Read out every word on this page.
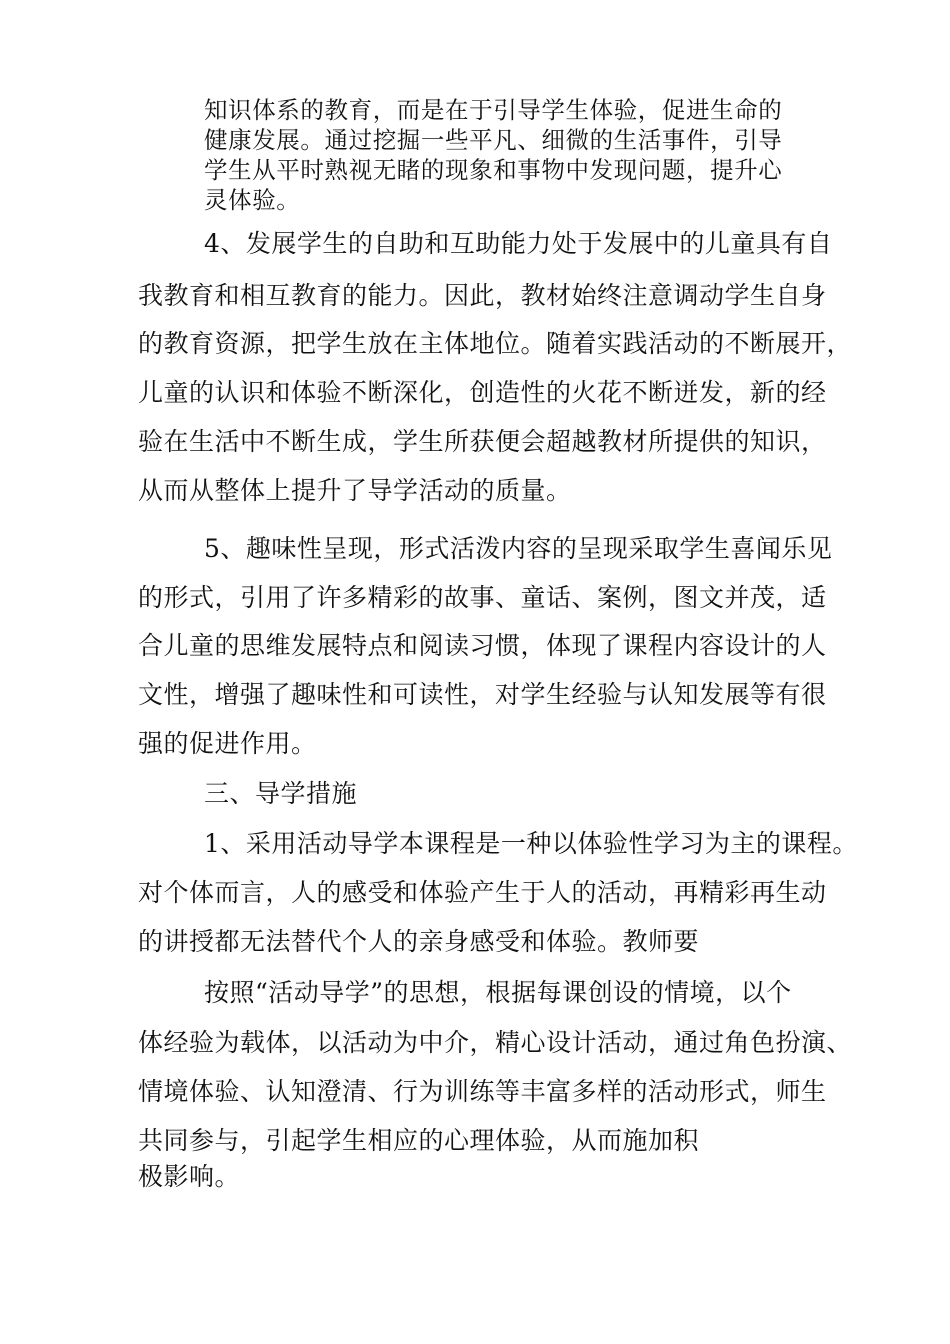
知识体系的教育，而是在于引导学生体验，促进生命的
健康发展。通过挖掘一些平凡、细微的生活事件，引导
学生从平时熟视无睹的现象和事物中发现问题，提升心
灵体验。
4、发展学生的自助和互助能力处于发展中的儿童具有自
我教育和相互教育的能力。因此，教材始终注意调动学生自身
的教育资源，把学生放在主体地位。随着实践活动的不断展开，
儿童的认识和体验不断深化，创造性的火花不断迸发，新的经
验在生活中不断生成，学生所获便会超越教材所提供的知识，
从而从整体上提升了导学活动的质量。
5、趣味性呈现，形式活泼内容的呈现采取学生喜闻乐见
的形式，引用了许多精彩的故事、童话、案例，图文并茂，适
合儿童的思维发展特点和阅读习惯，体现了课程内容设计的人
文性，增强了趣味性和可读性，对学生经验与认知发展等有很
强的促进作用。
三、导学措施
1、采用活动导学本课程是一种以体验性学习为主的课程。
对个体而言，人的感受和体验产生于人的活动，再精彩再生动
的讲授都无法替代个人的亲身感受和体验。教师要
按照“活动导学”的思想，根据每课创设的情境，以个
体经验为载体，以活动为中介，精心设计活动，通过角色扮演、
情境体验、认知澄清、行为训练等丰富多样的活动形式，师生
共同参与，引起学生相应的心理体验，从而施加积
极影响。
